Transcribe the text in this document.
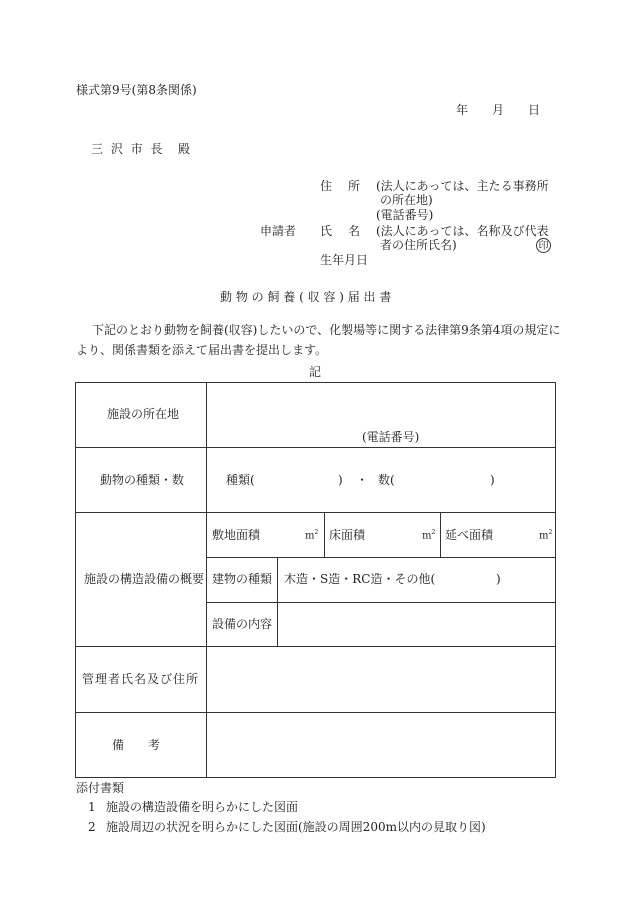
様式第9号(第8条関係)
年 月 日
三 沢 市 長 殿
住　所 (法人にあっては、主たる事務所
の所在地)
(電話番号)
申請者 氏　名 (法人にあっては、名称及び代表
者の住所氏名)	印
生年月日
動 物 の 飼 養 ( 収 容 ) 届 出 書
下記のとおり動物を飼養(収容)したいので、化製場等に関する法律第9条第4項の規定に
より、関係書類を添えて届出書を提出します。
記
施設の所在地
(電話番号)
動物の種類・数	種類(	) ・ 数(	)
施設の構造設備の概要
敷地面積	$m^2$ 床面積	$m^2$ 延べ面積	$m^2$
建物の種類 木造・S造・RC造・その他(	)
設備の内容
管理者氏名及び住所
備　　考
添付書類
1 施設の構造設備を明らかにした図面
2 施設周辺の状況を明らかにした図面(施設の周囲200m以内の見取り図)
